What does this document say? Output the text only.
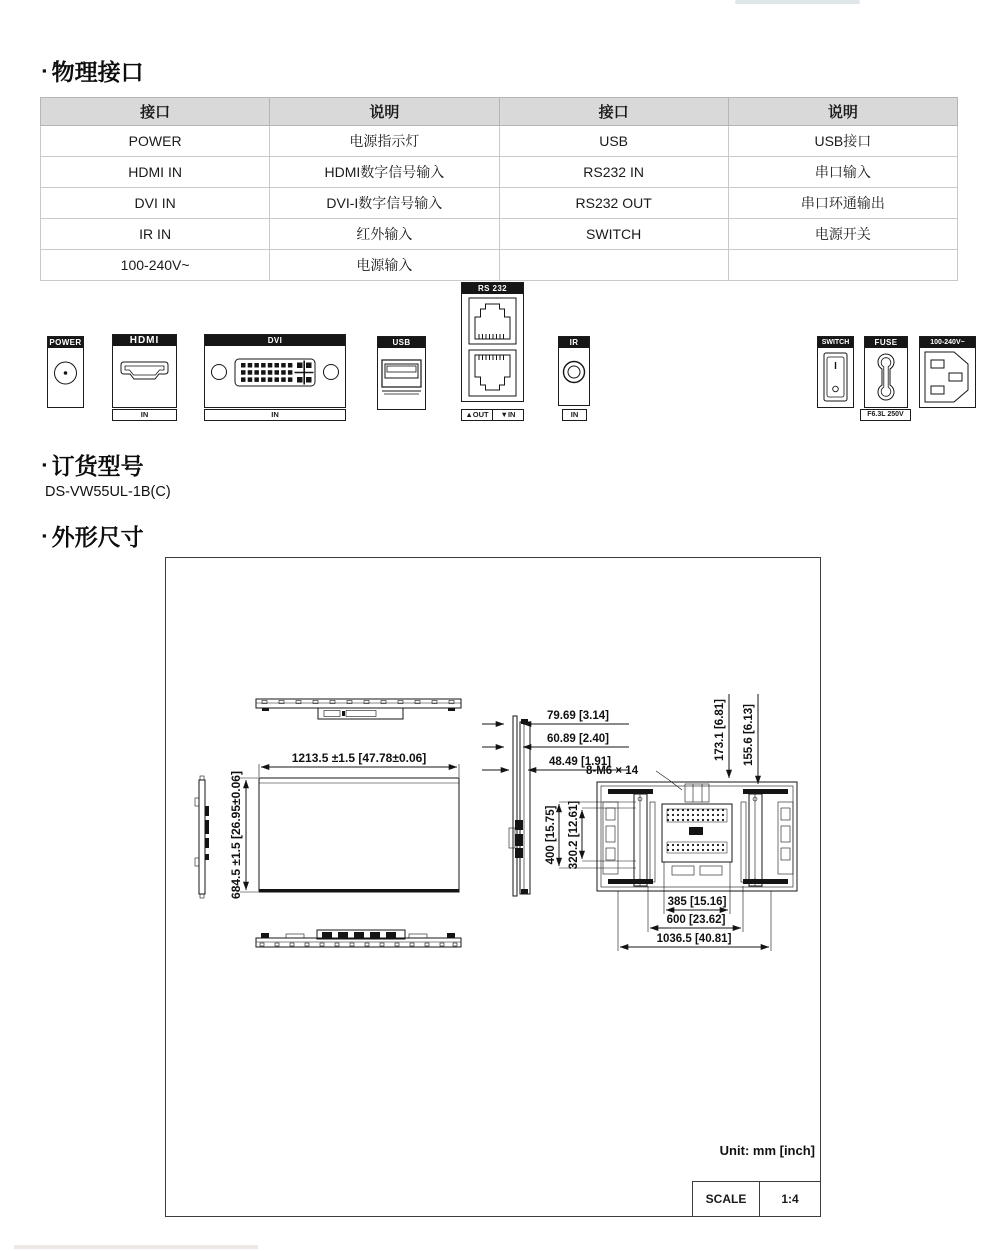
▪ 物理接口
接口	说明	接口	说明
POWER	电源指示灯	USB	USB接口
HDMI IN	HDMI数字信号输入	RS232 IN	串口输入
DVI IN	DVI-I数字信号输入	RS232 OUT	串口环通输出
IR IN	红外输入	SWITCH	电源开关
100-240V~	电源输入		
POWER	HDMI
IN
DVI
IN
USB
RS 232
▲OUT	▼IN
IR
IN
SWITCH	FUSE
F6.3L 250V
100-240V~
▪ 订货型号
DS-VW55UL-1B(C)
▪ 外形尺寸
1213.5 ±1.5 [47.78±0.06]
684.5 ±1.5 [26.95±0.06]
79.69 [3.14]
60.89 [2.40]
48.49 [1.91]
8-M6 × 14
173.1 [6.81] 155.6 [6.13]
400 [15.75] 320.2 [12.61]
385 [15.16]
600 [23.62]
1036.5 [40.81]
Unit: mm [inch]
SCALE	1:4
